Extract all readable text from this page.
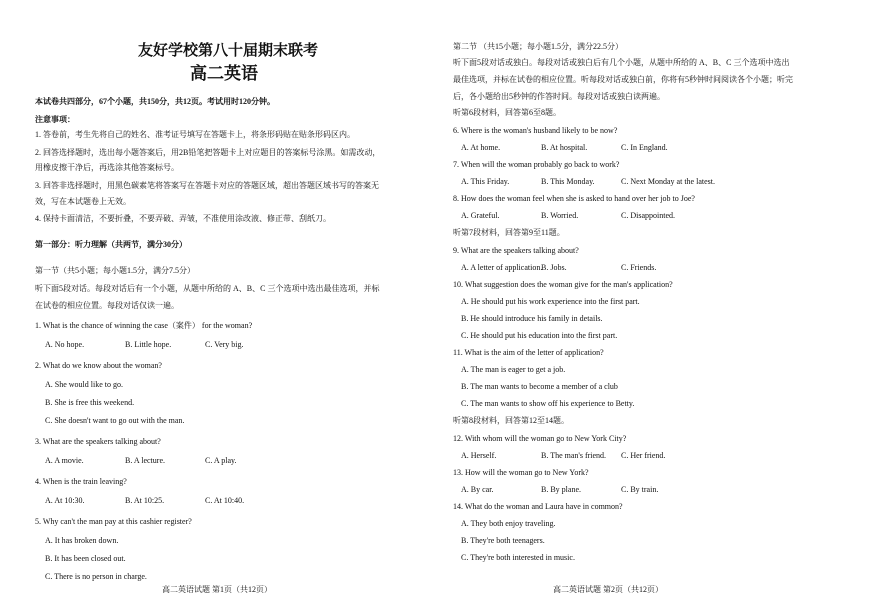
友好学校第八十届期末联考
高二英语
本试卷共四部分，67个小题，共150分，共12页。考试用时120分钟。
注意事项：
1. 答卷前，考生先将自己的姓名、准考证号填写在答题卡上，将条形码贴在贴条形码区内。
2. 回答选择题时，选出每小题答案后，用2B铅笔把答题卡上对应题目的答案标号涂黑。如需改动，
用橡皮擦干净后，再选涂其他答案标号。
3. 回答非选择题时，用黑色碳素笔将答案写在答题卡对应的答题区域，超出答题区域书写的答案无
效，写在本试题卷上无效。
4. 保持卡面清洁，不要折叠，不要弄破、弄皱，不准使用涂改液、修正带、刮纸刀。
第一部分：听力理解（共两节，满分30分）
第一节（共5小题；每小题1.5分，满分7.5分）
听下面5段对话。每段对话后有一个小题，从题中所给的 A、B、C 三个选项中选出最佳选项，并标
在试卷的相应位置。每段对话仅读一遍。
1. What is the chance of winning the case（案件） for the woman?
A. No hope.	B. Little hope.	C. Very big.
2. What do we know about the woman?
A. She would like to go.
B. She is free this weekend.
C. She doesn't want to go out with the man.
3. What are the speakers talking about?
A. A movie.	B. A lecture.	C. A play.
4. When is the train leaving?
A. At 10:30.	B. At 10:25.	C. At 10:40.
5. Why can't the man pay at this cashier register?
A. It has broken down.
B. It has been closed out.
C. There is no person in charge.
高二英语试题 第1页（共12页）
第二节 （共15小题；每小题1.5分，满分22.5分）
听下面5段对话或独白。每段对话或独白后有几个小题，从题中所给的 A、B、C 三个选项中选出
最佳选项，并标在试卷的相应位置。听每段对话或独白前，你将有5秒钟时间阅读各个小题；听完
后，各小题给出5秒钟的作答时间。每段对话或独白读两遍。
听第6段材料，回答第6至8题。
6. Where is the woman's husband likely to be now?
A. At home.	B. At hospital.	C. In England.
7. When will the woman probably go back to work?
A. This Friday.	B. This Monday.	C. Next Monday at the latest.
8. How does the woman feel when she is asked to hand over her job to Joe?
A. Grateful.	B. Worried.	C. Disappointed.
听第7段材料，回答第9至11题。
9. What are the speakers talking about?
A. A letter of application.
B. Jobs.	C. Friends.
10. What suggestion does the woman give for the man's application?
A. He should put his work experience into the first part.
B. He should introduce his family in details.
C. He should put his education into the first part.
11. What is the aim of the letter of application?
A. The man is eager to get a job.
B. The man wants to become a member of a club
C. The man wants to show off his experience to Betty.
听第8段材料，回答第12至14题。
12. With whom will the woman go to New York City?
A. Herself.	B. The man's friend. C. Her friend.
13. How will the woman go to New York?
A. By car.	B. By plane.	C. By train.
14. What do the woman and Laura have in common?
A. They both enjoy traveling.
B. They're both teenagers.
C. They're both interested in music.
高二英语试题 第2页（共12页）
